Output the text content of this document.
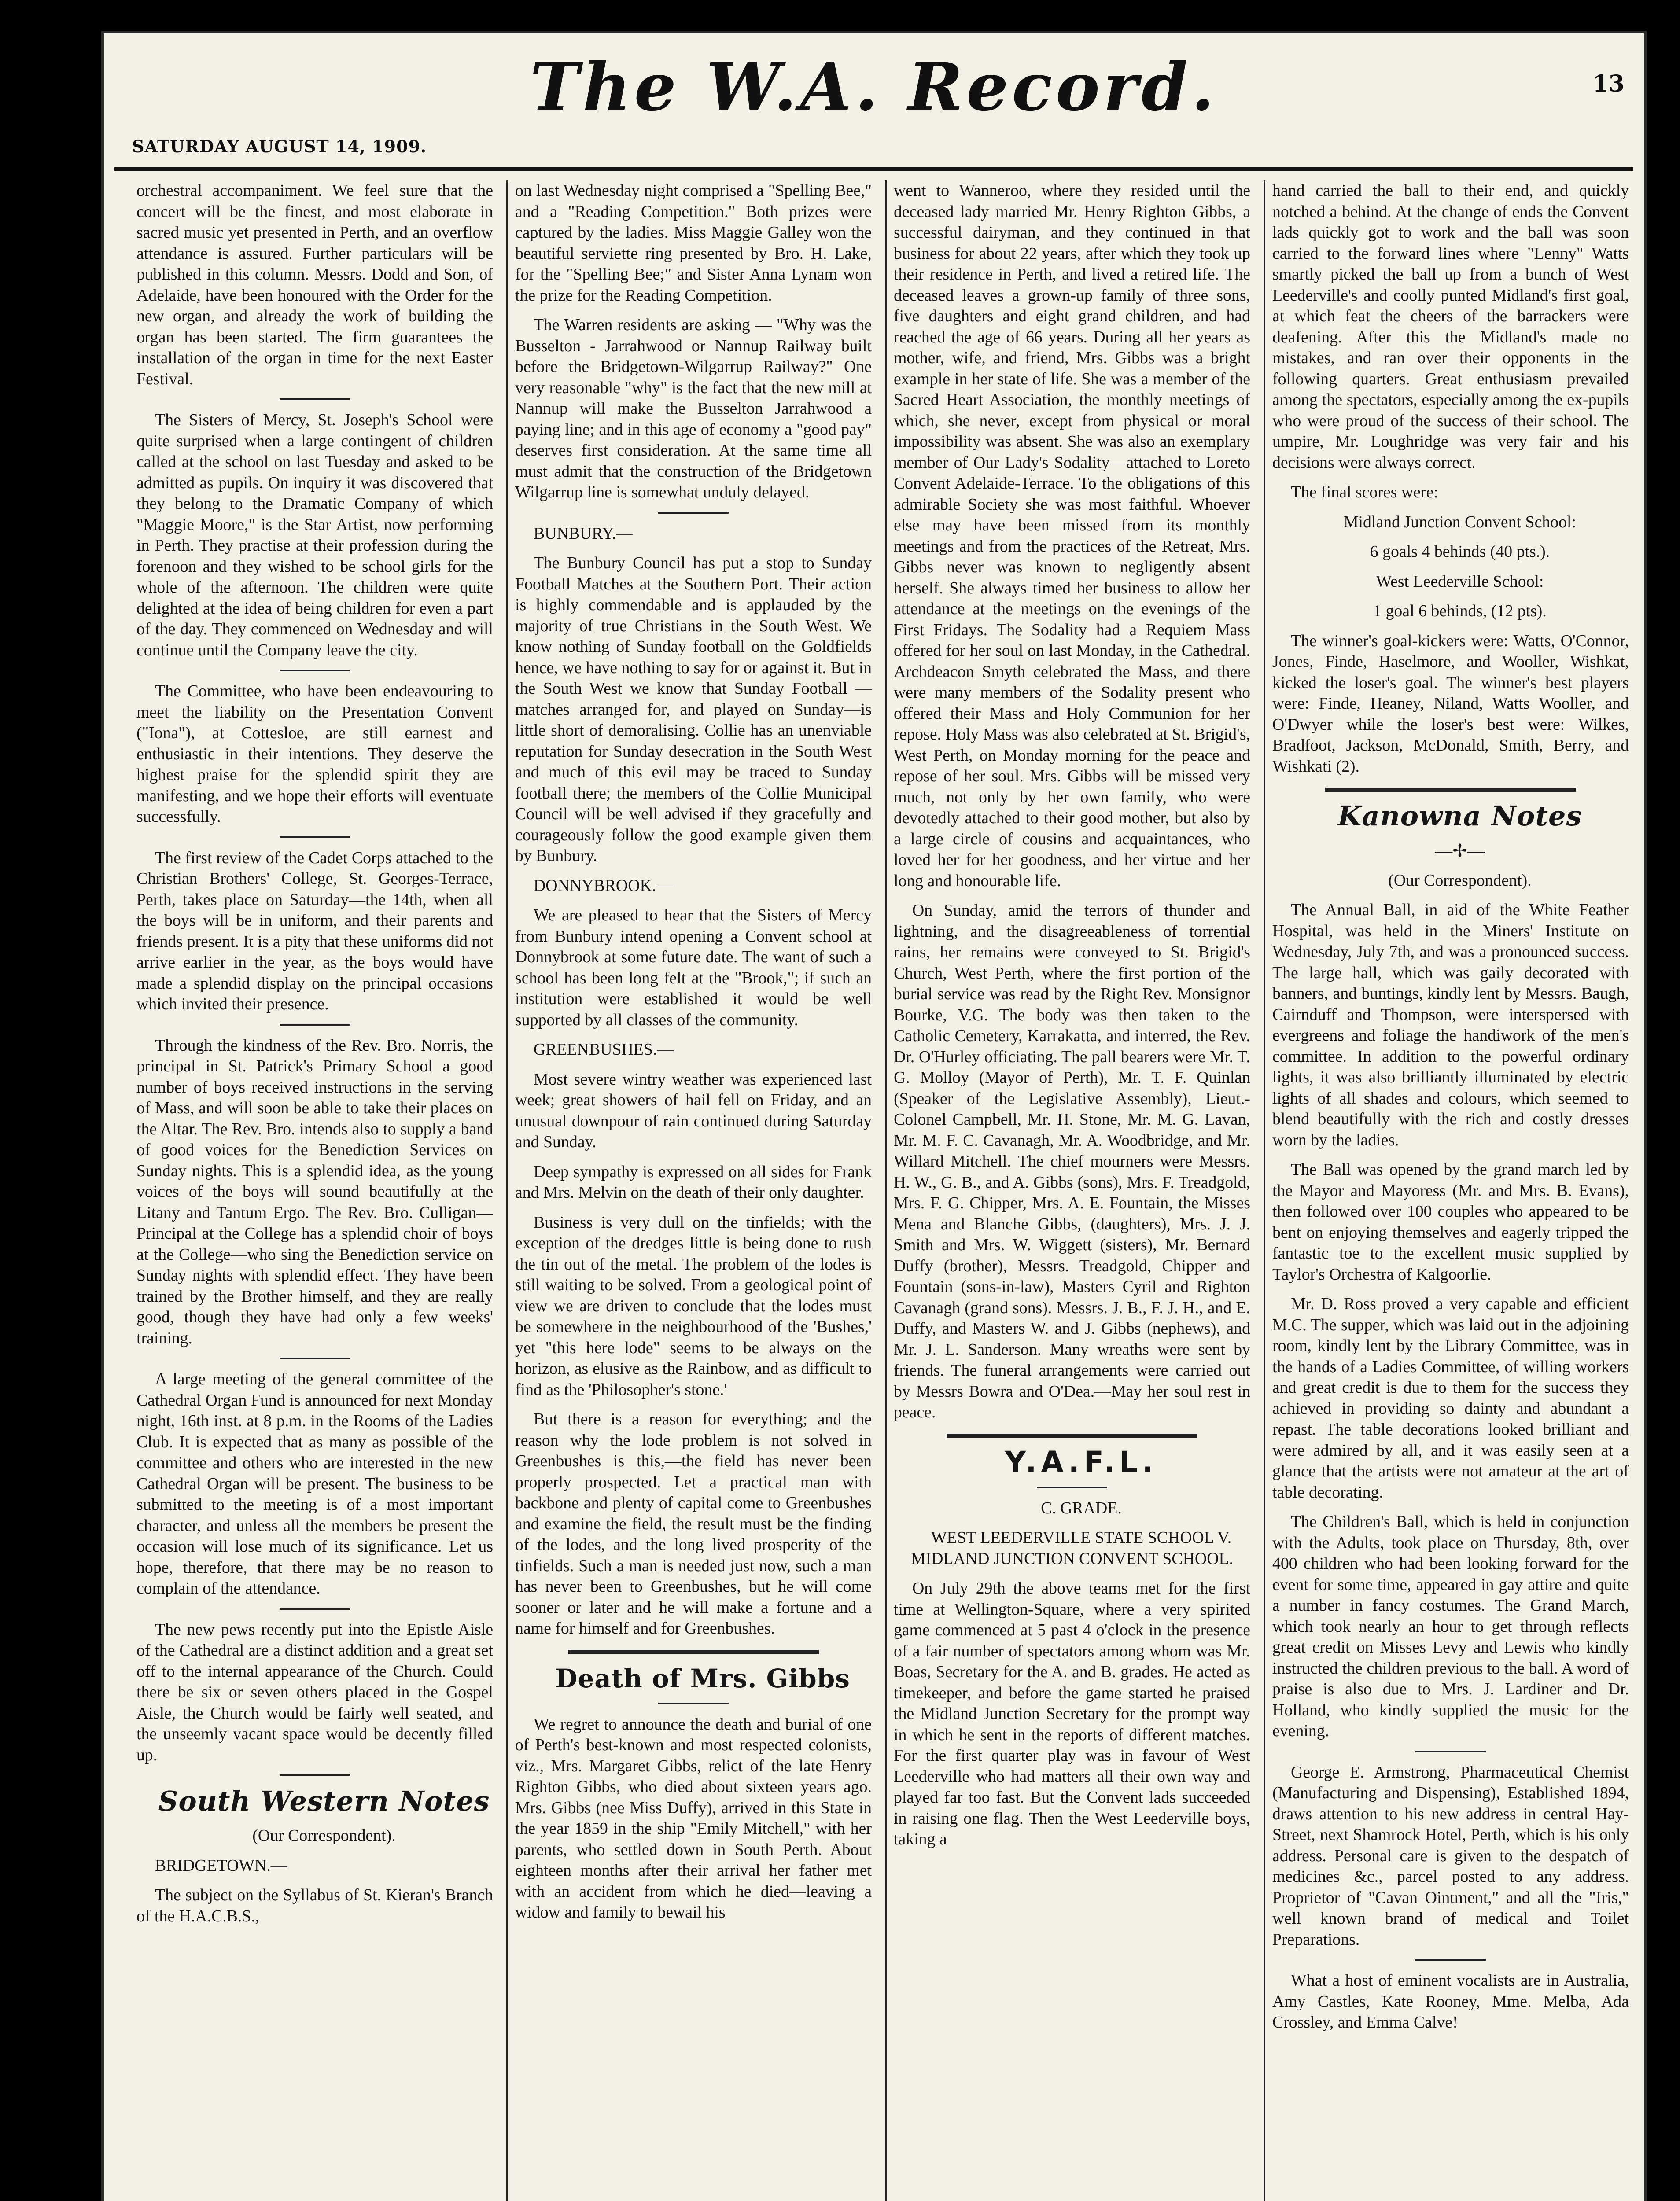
The W.A. Record.	13
SATURDAY AUGUST 14, 1909.

orchestral accompaniment. We feel sure that the concert will be the finest, and most elaborate in sacred music yet presented in Perth, and an overflow attendance is assured. Further particulars will be published in this column. Messrs. Dodd and Son, of Adelaide, have been honoured with the Order for the new organ, and already the work of building the organ has been started. The firm guarantees the installation of the organ in time for the next Easter Festival.

The Sisters of Mercy, St. Joseph's School were quite surprised when a large contingent of children called at the school on last Tuesday and asked to be admitted as pupils. On inquiry it was discovered that they belong to the Dramatic Company of which "Maggie Moore," is the Star Artist, now performing in Perth. They practise at their profession during the forenoon and they wished to be school girls for the whole of the afternoon. The children were quite delighted at the idea of being children for even a part of the day. They commenced on Wednesday and will continue until the Company leave the city.

The Committee, who have been endeavouring to meet the liability on the Presentation Convent ("Iona"), at Cottesloe, are still earnest and enthusiastic in their intentions. They deserve the highest praise for the splendid spirit they are manifesting, and we hope their efforts will eventuate successfully.

The first review of the Cadet Corps attached to the Christian Brothers' College, St. Georges-Terrace, Perth, takes place on Saturday—the 14th, when all the boys will be in uniform, and their parents and friends present. It is a pity that these uniforms did not arrive earlier in the year, as the boys would have made a splendid display on the principal occasions which invited their presence.

Through the kindness of the Rev. Bro. Norris, the principal in St. Patrick's Primary School a good number of boys received instructions in the serving of Mass, and will soon be able to take their places on the Altar. The Rev. Bro. intends also to supply a band of good voices for the Benediction Services on Sunday nights. This is a splendid idea, as the young voices of the boys will sound beautifully at the Litany and Tantum Ergo. The Rev. Bro. Culligan—Principal at the College has a splendid choir of boys at the College—who sing the Benediction service on Sunday nights with splendid effect. They have been trained by the Brother himself, and they are really good, though they have had only a few weeks' training.

A large meeting of the general committee of the Cathedral Organ Fund is announced for next Monday night, 16th inst. at 8 p.m. in the Rooms of the Ladies Club. It is expected that as many as possible of the committee and others who are interested in the new Cathedral Organ will be present. The business to be submitted to the meeting is of a most important character, and unless all the members be present the occasion will lose much of its significance. Let us hope, therefore, that there may be no reason to complain of the attendance.

The new pews recently put into the Epistle Aisle of the Cathedral are a distinct addition and a great set off to the internal appearance of the Church. Could there be six or seven others placed in the Gospel Aisle, the Church would be fairly well seated, and the unseemly vacant space would be decently filled up.

South Western Notes

(Our Correspondent).

BRIDGETOWN.—

The subject on the Syllabus of St. Kieran's Branch of the H.A.C.B.S.,

on last Wednesday night comprised a "Spelling Bee," and a "Reading Competition." Both prizes were captured by the ladies. Miss Maggie Galley won the beautiful serviette ring presented by Bro. H. Lake, for the "Spelling Bee;" and Sister Anna Lynam won the prize for the Reading Competition.

The Warren residents are asking — "Why was the Busselton - Jarrahwood or Nannup Railway built before the Bridgetown-Wilgarrup Railway?" One very reasonable "why" is the fact that the new mill at Nannup will make the Busselton Jarrahwood a paying line; and in this age of economy a "good pay" deserves first consideration. At the same time all must admit that the construction of the Bridgetown Wilgarrup line is somewhat unduly delayed.

BUNBURY.—

The Bunbury Council has put a stop to Sunday Football Matches at the Southern Port. Their action is highly commendable and is applauded by the majority of true Christians in the South West. We know nothing of Sunday football on the Goldfields hence, we have nothing to say for or against it. But in the South West we know that Sunday Football —matches arranged for, and played on Sunday—is little short of demoralising. Collie has an unenviable reputation for Sunday desecration in the South West and much of this evil may be traced to Sunday football there; the members of the Collie Municipal Council will be well advised if they gracefully and courageously follow the good example given them by Bunbury.

DONNYBROOK.—

We are pleased to hear that the Sisters of Mercy from Bunbury intend opening a Convent school at Donnybrook at some future date. The want of such a school has been long felt at the "Brook,"; if such an institution were established it would be well supported by all classes of the community.

GREENBUSHES.—

Most severe wintry weather was experienced last week; great showers of hail fell on Friday, and an unusual downpour of rain continued during Saturday and Sunday.

Deep sympathy is expressed on all sides for Frank and Mrs. Melvin on the death of their only daughter.

Business is very dull on the tinfields; with the exception of the dredges little is being done to rush the tin out of the metal. The problem of the lodes is still waiting to be solved. From a geological point of view we are driven to conclude that the lodes must be somewhere in the neighbourhood of the 'Bushes,' yet "this here lode" seems to be always on the horizon, as elusive as the Rainbow, and as difficult to find as the 'Philosopher's stone.'

But there is a reason for everything; and the reason why the lode problem is not solved in Greenbushes is this,—the field has never been properly prospected. Let a practical man with backbone and plenty of capital come to Greenbushes and examine the field, the result must be the finding of the lodes, and the long lived prosperity of the tinfields. Such a man is needed just now, such a man has never been to Greenbushes, but he will come sooner or later and he will make a fortune and a name for himself and for Greenbushes.

Death of Mrs. Gibbs

We regret to announce the death and burial of one of Perth's best-known and most respected colonists, viz., Mrs. Margaret Gibbs, relict of the late Henry Righton Gibbs, who died about sixteen years ago. Mrs. Gibbs (nee Miss Duffy), arrived in this State in the year 1859 in the ship "Emily Mitchell," with her parents, who settled down in South Perth. About eighteen months after their arrival her father met with an accident from which he died—leaving a widow and family to bewail his

went to Wanneroo, where they resided until the deceased lady married Mr. Henry Righton Gibbs, a successful dairyman, and they continued in that business for about 22 years, after which they took up their residence in Perth, and lived a retired life. The deceased leaves a grown-up family of three sons, five daughters and eight grand children, and had reached the age of 66 years. During all her years as mother, wife, and friend, Mrs. Gibbs was a bright example in her state of life. She was a member of the Sacred Heart Association, the monthly meetings of which, she never, except from physical or moral impossibility was absent. She was also an exemplary member of Our Lady's Sodality—attached to Loreto Convent Adelaide-Terrace. To the obligations of this admirable Society she was most faithful. Whoever else may have been missed from its monthly meetings and from the practices of the Retreat, Mrs. Gibbs never was known to negligently absent herself. She always timed her business to allow her attendance at the meetings on the evenings of the First Fridays. The Sodality had a Requiem Mass offered for her soul on last Monday, in the Cathedral. Archdeacon Smyth celebrated the Mass, and there were many members of the Sodality present who offered their Mass and Holy Communion for her repose. Holy Mass was also celebrated at St. Brigid's, West Perth, on Monday morning for the peace and repose of her soul. Mrs. Gibbs will be missed very much, not only by her own family, who were devotedly attached to their good mother, but also by a large circle of cousins and acquaintances, who loved her for her goodness, and her virtue and her long and honourable life.

On Sunday, amid the terrors of thunder and lightning, and the disagreeableness of torrential rains, her remains were conveyed to St. Brigid's Church, West Perth, where the first portion of the burial service was read by the Right Rev. Monsignor Bourke, V.G. The body was then taken to the Catholic Cemetery, Karrakatta, and interred, the Rev. Dr. O'Hurley officiating. The pall bearers were Mr. T. G. Molloy (Mayor of Perth), Mr. T. F. Quinlan (Speaker of the Legislative Assembly), Lieut.-Colonel Campbell, Mr. H. Stone, Mr. M. G. Lavan, Mr. M. F. C. Cavanagh, Mr. A. Woodbridge, and Mr. Willard Mitchell. The chief mourners were Messrs. H. W., G. B., and A. Gibbs (sons), Mrs. F. Treadgold, Mrs. F. G. Chipper, Mrs. A. E. Fountain, the Misses Mena and Blanche Gibbs, (daughters), Mrs. J. J. Smith and Mrs. W. Wiggett (sisters), Mr. Bernard Duffy (brother), Messrs. Treadgold, Chipper and Fountain (sons-in-law), Masters Cyril and Righton Cavanagh (grand sons). Messrs. J. B., F. J. H., and E. Duffy, and Masters W. and J. Gibbs (nephews), and Mr. J. L. Sanderson. Many wreaths were sent by friends. The funeral arrangements were carried out by Messrs Bowra and O'Dea.—May her soul rest in peace.

Y.A.F.L.

C. GRADE.

WEST LEEDERVILLE STATE SCHOOL V. MIDLAND JUNCTION CONVENT SCHOOL.

On July 29th the above teams met for the first time at Wellington-Square, where a very spirited game commenced at 5 past 4 o'clock in the presence of a fair number of spectators among whom was Mr. Boas, Secretary for the A. and B. grades. He acted as timekeeper, and before the game started he praised the Midland Junction Secretary for the prompt way in which he sent in the reports of different matches. For the first quarter play was in favour of West Leederville who had matters all their own way and played far too fast. But the Convent lads succeeded in raising one flag. Then the West Leederville boys, taking a

hand carried the ball to their end, and quickly notched a behind. At the change of ends the Convent lads quickly got to work and the ball was soon carried to the forward lines where "Lenny" Watts smartly picked the ball up from a bunch of West Leederville's and coolly punted Midland's first goal, at which feat the cheers of the barrackers were deafening. After this the Midland's made no mistakes, and ran over their opponents in the following quarters. Great enthusiasm prevailed among the spectators, especially among the ex-pupils who were proud of the success of their school. The umpire, Mr. Loughridge was very fair and his decisions were always correct.

The final scores were:

Midland Junction Convent School:

6 goals 4 behinds (40 pts.).

West Leederville School:

1 goal 6 behinds, (12 pts).

The winner's goal-kickers were: Watts, O'Connor, Jones, Finde, Haselmore, and Wooller, Wishkat, kicked the loser's goal. The winner's best players were: Finde, Heaney, Niland, Watts Wooller, and O'Dwyer while the loser's best were: Wilkes, Bradfoot, Jackson, McDonald, Smith, Berry, and Wishkati (2).

Kanowna Notes

—✢—

(Our Correspondent).

The Annual Ball, in aid of the White Feather Hospital, was held in the Miners' Institute on Wednesday, July 7th, and was a pronounced success. The large hall, which was gaily decorated with banners, and buntings, kindly lent by Messrs. Baugh, Cairnduff and Thompson, were interspersed with evergreens and foliage the handiwork of the men's committee. In addition to the powerful ordinary lights, it was also brilliantly illuminated by electric lights of all shades and colours, which seemed to blend beautifully with the rich and costly dresses worn by the ladies.

The Ball was opened by the grand march led by the Mayor and Mayoress (Mr. and Mrs. B. Evans), then followed over 100 couples who appeared to be bent on enjoying themselves and eagerly tripped the fantastic toe to the excellent music supplied by Taylor's Orchestra of Kalgoorlie.

Mr. D. Ross proved a very capable and efficient M.C. The supper, which was laid out in the adjoining room, kindly lent by the Library Committee, was in the hands of a Ladies Committee, of willing workers and great credit is due to them for the success they achieved in providing so dainty and abundant a repast. The table decorations looked brilliant and were admired by all, and it was easily seen at a glance that the artists were not amateur at the art of table decorating.

The Children's Ball, which is held in conjunction with the Adults, took place on Thursday, 8th, over 400 children who had been looking forward for the event for some time, appeared in gay attire and quite a number in fancy costumes. The Grand March, which took nearly an hour to get through reflects great credit on Misses Levy and Lewis who kindly instructed the children previous to the ball. A word of praise is also due to Mrs. J. Lardiner and Dr. Holland, who kindly supplied the music for the evening.

George E. Armstrong, Pharmaceutical Chemist (Manufacturing and Dispensing), Established 1894, draws attention to his new address in central Hay-Street, next Shamrock Hotel, Perth, which is his only address. Personal care is given to the despatch of medicines &c., parcel posted to any address. Proprietor of "Cavan Ointment," and all the "Iris," well known brand of medical and Toilet Preparations.

What a host of eminent vocalists are in Australia, Amy Castles, Kate Rooney, Mme. Melba, Ada Crossley, and Emma Calve!
